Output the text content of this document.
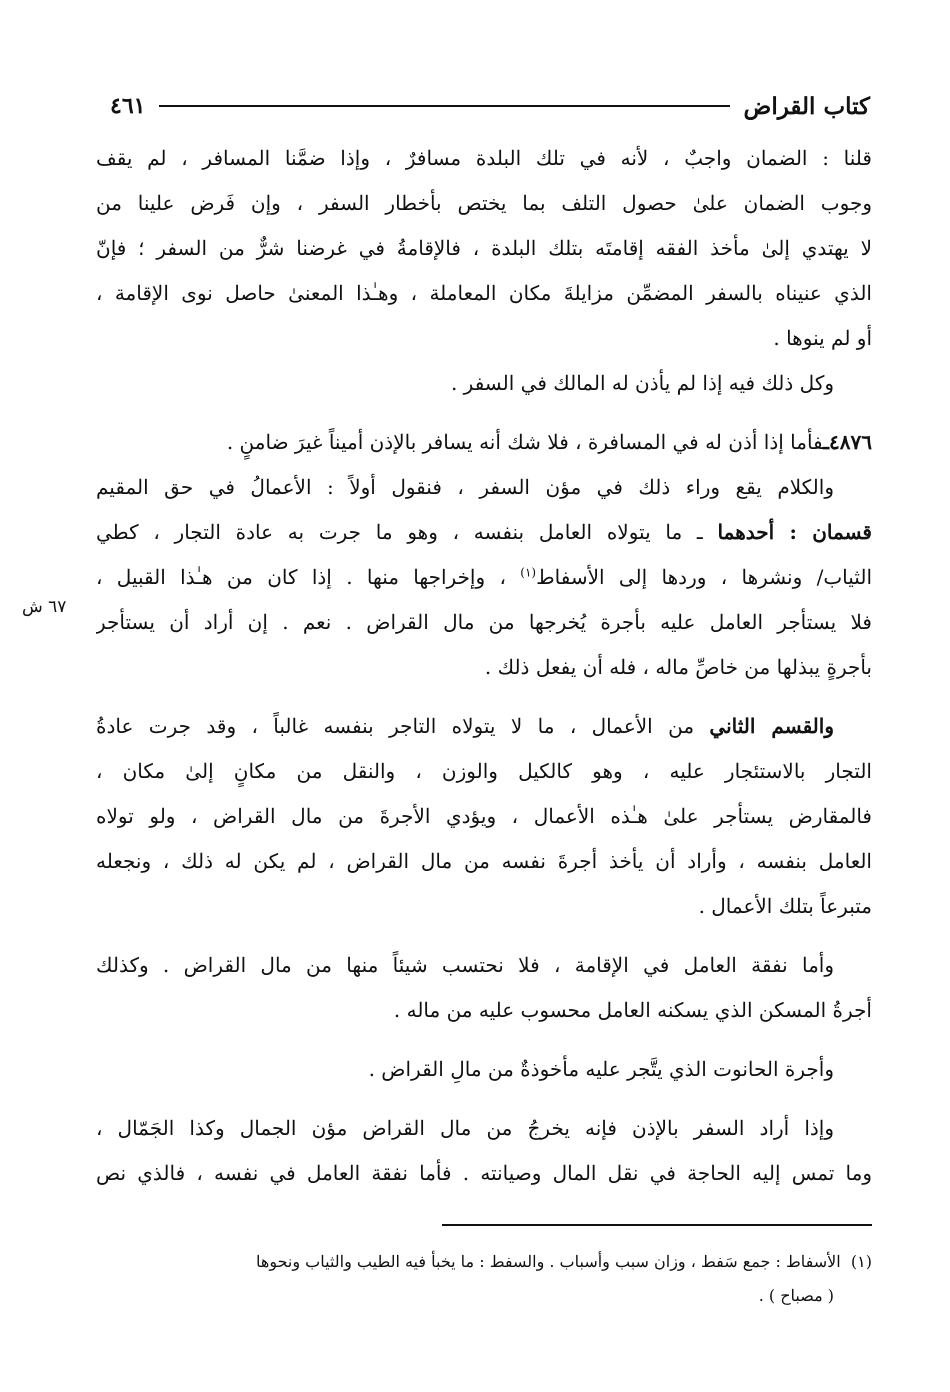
كتاب القراض
٤٦١
٦٧ ش
قلنا : الضمان واجبٌ ، لأنه في تلك البلدة مسافرٌ ، وإذا ضمَّنا المسافر ، لم يقف
وجوب الضمان علىٰ حصول التلف بما يختص بأخطار السفر ، وإن فَرض علينا من
لا يهتدي إلىٰ مأخذ الفقه إقامتَه بتلك البلدة ، فالإقامةُ في غرضنا شرٌّ من السفر ؛ فإنّ
الذي عنيناه بالسفر المضمِّن مزايلةَ مكان المعاملة ، وهـٰذا المعنىٰ حاصل نوى الإقامة ،
أو لم ينوها .
وكل ذلك فيه إذا لم يأذن له المالك في السفر .
٤٨٧٦ـفأما إذا أذن له في المسافرة ، فلا شك أنه يسافر بالإذن أميناً غيرَ ضامنٍ .
والكلام يقع وراء ذلك في مؤن السفر ، فنقول أولاً : الأعمالُ في حق المقيم
قسمان : أحدهما ـ ما يتولاه العامل بنفسه ، وهو ما جرت به عادة التجار ، كطي
الثياب/ ونشرها ، وردها إلى الأسفاط$^{(١)}$ ، وإخراجها منها . إذا كان من هـٰذا القبيل ،
فلا يستأجر العامل عليه بأجرة يُخرجها من مال القراض . نعم . إن أراد أن يستأجر
بأجرةٍ يبذلها من خاصِّ ماله ، فله أن يفعل ذلك .
والقسم الثاني من الأعمال ، ما لا يتولاه التاجر بنفسه غالباً ، وقد جرت عادةُ
التجار بالاستئجار عليه ، وهو كالكيل والوزن ، والنقل من مكانٍ إلىٰ مكان ،
فالمقارض يستأجر علىٰ هـٰذه الأعمال ، ويؤدي الأجرةَ من مال القراض ، ولو تولاه
العامل بنفسه ، وأراد أن يأخذ أجرةَ نفسه من مال القراض ، لم يكن له ذلك ، ونجعله
متبرعاً بتلك الأعمال .
وأما نفقة العامل في الإقامة ، فلا نحتسب شيئاً منها من مال القراض . وكذلك
أجرةُ المسكن الذي يسكنه العامل محسوب عليه من ماله .
وأجرة الحانوت الذي يتَّجر عليه مأخوذةٌ من مالِ القراض .
وإذا أراد السفر بالإذن فإنه يخرجُ من مال القراض مؤن الجمال وكذا الجَمّال ،
وما تمس إليه الحاجة في نقل المال وصيانته . فأما نفقة العامل في نفسه ، فالذي نص
(١)  الأسفاط : جمع سَفط ، وزان سبب وأسباب . والسفط : ما يخبأ فيه الطيب والثياب ونحوها
( مصباح ) .
